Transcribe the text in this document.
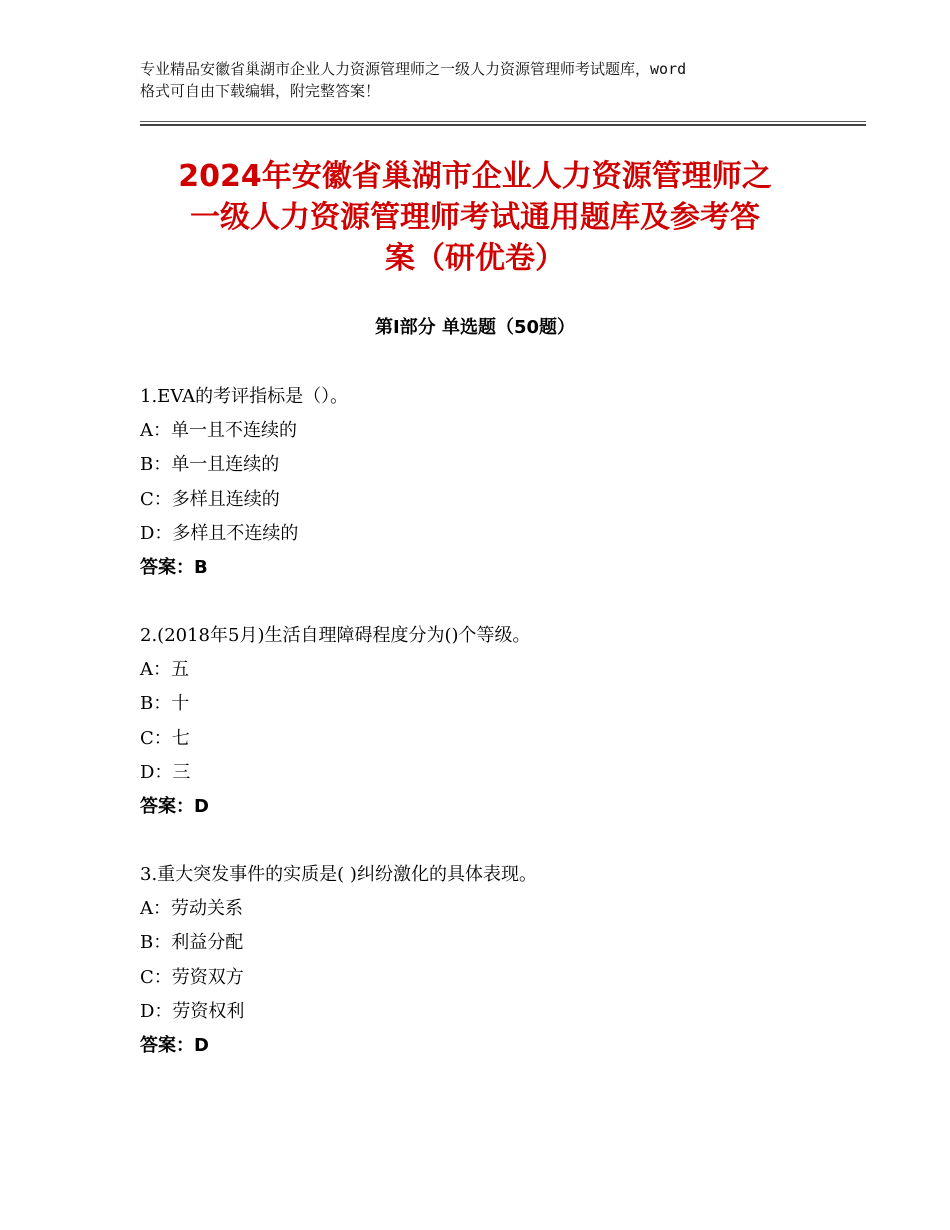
专业精品安徽省巢湖市企业人力资源管理师之一级人力资源管理师考试题库，word
格式可自由下载编辑，附完整答案！
2024年安徽省巢湖市企业人力资源管理师之
一级人力资源管理师考试通用题库及参考答
案（研优卷）
第Ⅰ部分 单选题（50题）
1.EVA的考评指标是（）。
A：单一且不连续的
B：单一且连续的
C：多样且连续的
D：多样且不连续的
答案：B
2.(2018年5月)生活自理障碍程度分为()个等级。
A：五
B：十
C：七
D：三
答案：D
3.重大突发事件的实质是( )纠纷激化的具体表现。
A：劳动关系
B：利益分配
C：劳资双方
D：劳资权利
答案：D
